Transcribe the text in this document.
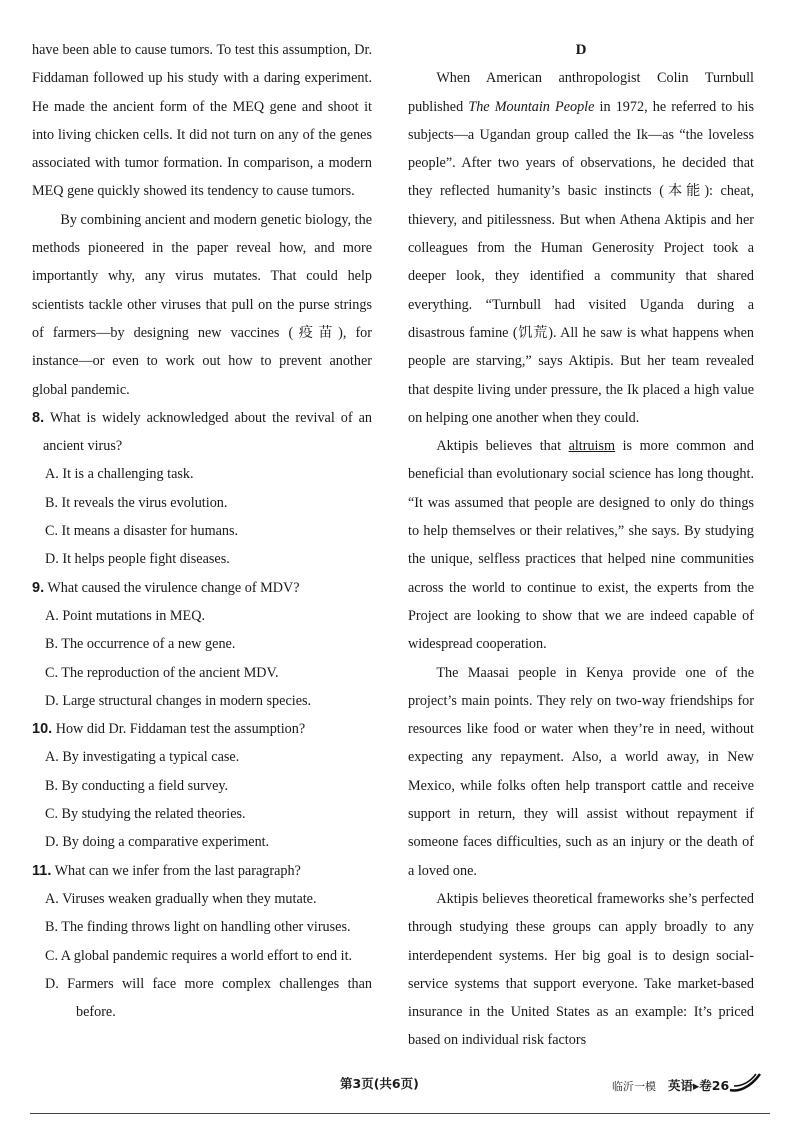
have been able to cause tumors. To test this assumption, Dr. Fiddaman followed up his study with a daring experiment. He made the ancient form of the MEQ gene and shoot it into living chicken cells. It did not turn on any of the genes associated with tumor formation. In comparison, a modern MEQ gene quickly showed its tendency to cause tumors.

By combining ancient and modern genetic biology, the methods pioneered in the paper reveal how, and more importantly why, any virus mutates. That could help scientists tackle other viruses that pull on the purse strings of farmers—by designing new vaccines (疫苗), for instance—or even to work out how to prevent another global pandemic.

8. What is widely acknowledged about the revival of an ancient virus?

A. It is a challenging task.

B. It reveals the virus evolution.

C. It means a disaster for humans.

D. It helps people fight diseases.

9. What caused the virulence change of MDV?

A. Point mutations in MEQ.

B. The occurrence of a new gene.

C. The reproduction of the ancient MDV.

D. Large structural changes in modern species.

10. How did Dr. Fiddaman test the assumption?

A. By investigating a typical case.

B. By conducting a field survey.

C. By studying the related theories.

D. By doing a comparative experiment.

11. What can we infer from the last paragraph?

A. Viruses weaken gradually when they mutate.

B. The finding throws light on handling other viruses.

C. A global pandemic requires a world effort to end it.

D. Farmers will face more complex challenges than before.

D

When American anthropologist Colin Turnbull published The Mountain People in 1972, he referred to his subjects—a Ugandan group called the Ik—as “the loveless people”. After two years of observations, he decided that they reflected humanity’s basic instincts (本能): cheat, thievery, and pitilessness. But when Athena Aktipis and her colleagues from the Human Generosity Project took a deeper look, they identified a community that shared everything. “Turnbull had visited Uganda during a disastrous famine (饥荒). All he saw is what happens when people are starving,” says Aktipis. But her team revealed that despite living under pressure, the Ik placed a high value on helping one another when they could.

Aktipis believes that altruism is more common and beneficial than evolutionary social science has long thought. “It was assumed that people are designed to only do things to help themselves or their relatives,” she says. By studying the unique, selfless practices that helped nine communities across the world to continue to exist, the experts from the Project are looking to show that we are indeed capable of widespread cooperation.

The Maasai people in Kenya provide one of the project’s main points. They rely on two-way friendships for resources like food or water when they’re in need, without expecting any repayment. Also, a world away, in New Mexico, while folks often help transport cattle and receive support in return, they will assist without repayment if someone faces difficulties, such as an injury or the death of a loved one.

Aktipis believes theoretical frameworks she’s perfected through studying these groups can apply broadly to any interdependent systems. Her big goal is to design social-service systems that support everyone. Take market-based insurance in the United States as an example: It’s priced based on individual risk factors

第3页(共6页)	临沂一模 英语▸卷26
